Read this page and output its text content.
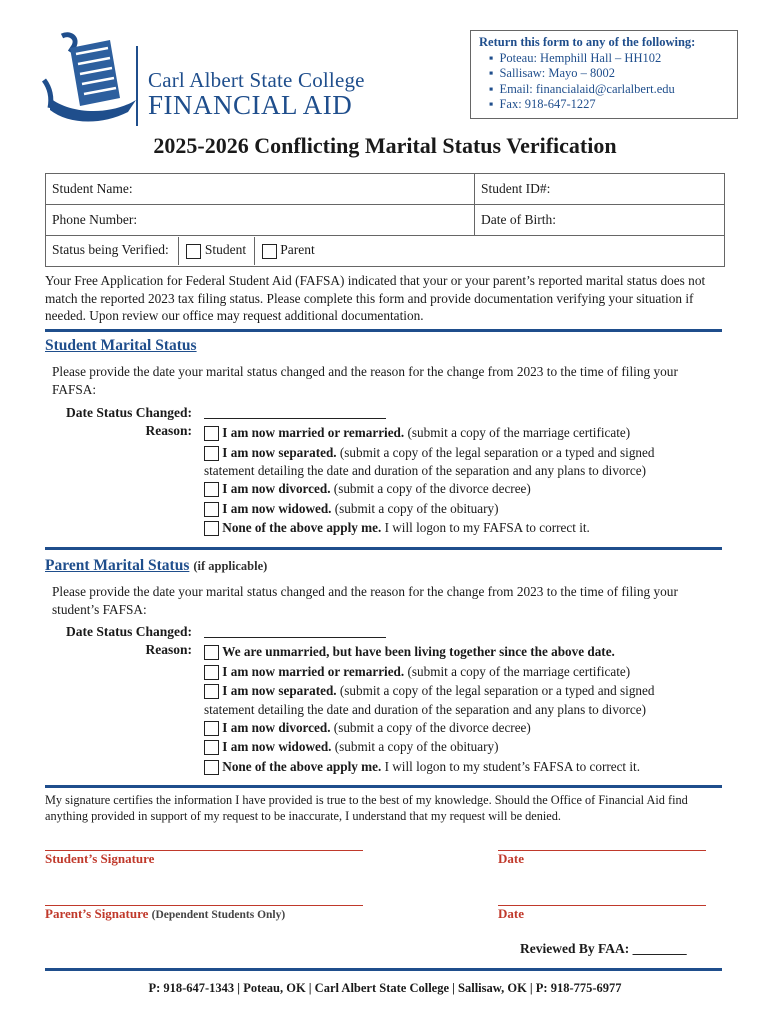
Carl Albert State College
FINANCIAL AID
Return this form to any of the following:
▪ Poteau: Hemphill Hall – HH102
▪ Sallisaw: Mayo – 8002
▪ Email: financialaid@carlalbert.edu
▪ Fax: 918-647-1227
2025-2026 Conflicting Marital Status Verification
Student Name:	Student ID#:
Phone Number:	Date of Birth:
Status being Verified: Student Parent	
Your Free Application for Federal Student Aid (FAFSA) indicated that your or your parent’s reported marital status does not match the reported 2023 tax filing status. Please complete this form and provide documentation verifying your situation if needed. Upon review our office may request additional documentation.
Student Marital Status
Please provide the date your marital status changed and the reason for the change from 2023 to the time of filing your FAFSA:
Date Status Changed:
Reason:	I am now married or remarried. (submit a copy of the marriage certificate)
I am now separated. (submit a copy of the legal separation or a typed and signed
statement detailing the date and duration of the separation and any plans to divorce)
I am now divorced. (submit a copy of the divorce decree)
I am now widowed. (submit a copy of the obituary)
None of the above apply me. I will logon to my FAFSA to correct it.
Parent Marital Status (if applicable)
Please provide the date your marital status changed and the reason for the change from 2023 to the time of filing your student’s FAFSA:
Date Status Changed:
Reason:	We are unmarried, but have been living together since the above date.
I am now married or remarried. (submit a copy of the marriage certificate)
I am now separated. (submit a copy of the legal separation or a typed and signed
statement detailing the date and duration of the separation and any plans to divorce)
I am now divorced. (submit a copy of the divorce decree)
I am now widowed. (submit a copy of the obituary)
None of the above apply me. I will logon to my student’s FAFSA to correct it.
My signature certifies the information I have provided is true to the best of my knowledge. Should the Office of Financial Aid find anything provided in support of my request to be inaccurate, I understand that my request will be denied.
Student’s Signature	Date
Parent’s Signature (Dependent Students Only)	Date
Reviewed By FAA: ________
P: 918-647-1343 | Poteau, OK | Carl Albert State College | Sallisaw, OK | P: 918-775-6977
